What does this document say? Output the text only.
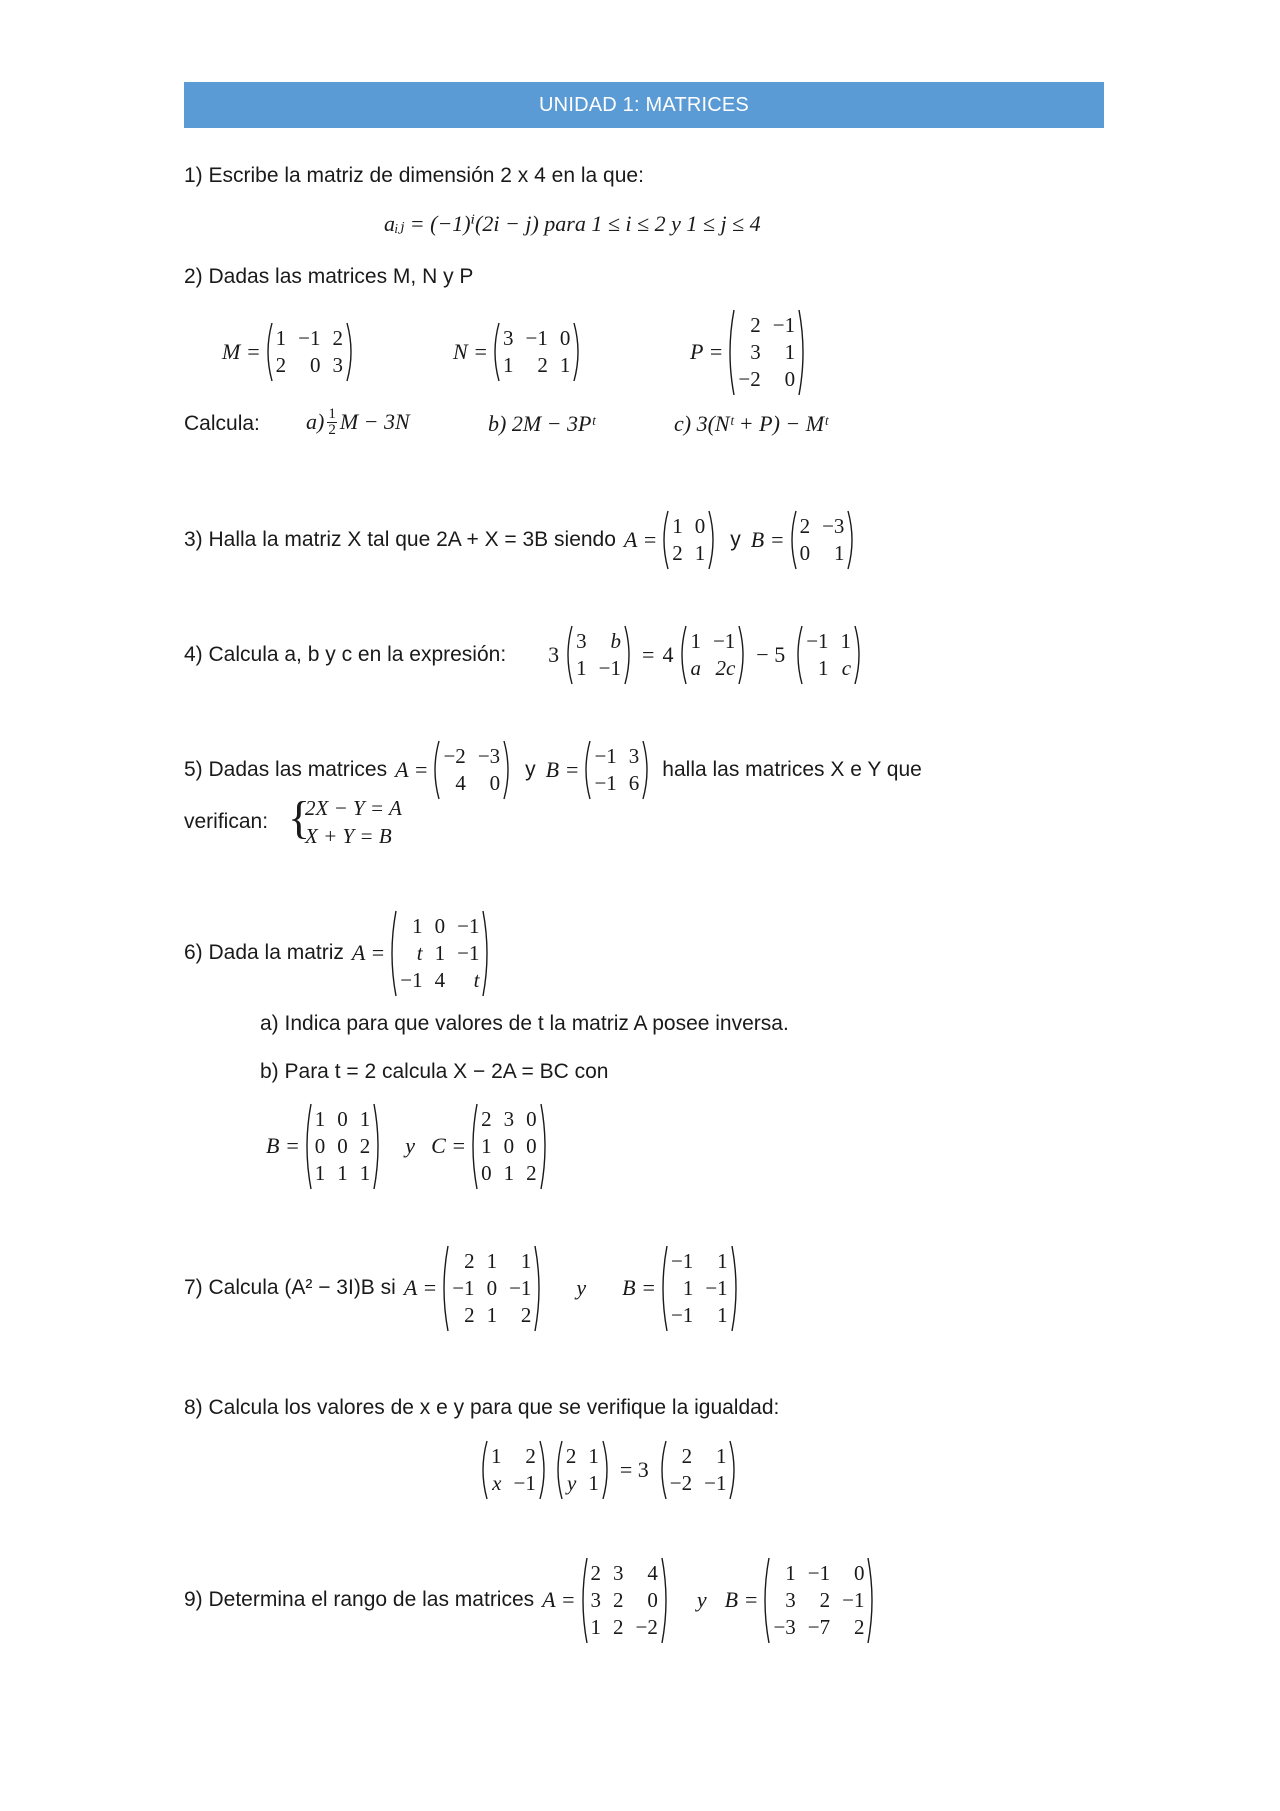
UNIDAD 1: MATRICES
1) Escribe la matriz de dimensión 2 x 4 en la que:
aᵢⱼ = (−1)ⁱ(2i − j) para 1 ≤ i ≤ 2 y 1 ≤ j ≤ 4
2) Dadas las matrices M, N y P
M =
1 −1 2
2 0 3
N =
3 −1 0
1 2 1
P =
2 −1
3 1
−2 0
Calcula: $a) \frac{1}{2}$ M − 3N	b) 2M − 3Pᵗ	c) 3(Nᵗ + P) − Mᵗ
3) Halla la matriz X tal que 2A + X = 3B siendo A =
1 0
2 1
y B =
2 −3
0 1
4) Calcula a, b y c en la expresión: 3
3 b
1 −1
= 4
1 −1
a 2c
− 5
−1 1
1 c
5) Dadas las matrices A =
−2 −3
4 0
y B =
−1 3
−1 6
halla las matrices X e Y que
verifican: {
2X − Y = A
X + Y = B
6) Dada la matriz A =
1 0 −1
t 1 −1
−1 4 t
a) Indica para que valores de t la matriz A posee inversa.
b) Para t = 2 calcula X − 2A = BC con
B =
1 0 1
0 0 2
1 1 1
y C =
2 3 0
1 0 0
0 1 2
7) Calcula (A² − 3I)B si A =
2 1 1
−1 0 −1
2 1 2
y	B =
−1 1
1 −1
−1 1
8) Calcula los valores de x e y para que se verifique la igualdad:
1 2
x −1
2 1
y 1
= 3
2 1
−2 −1
9) Determina el rango de las matrices A =
2 3 4
3 2 0
1 2 −2
y B =
1 −1 0
3 2 −1
−3 −7 2
